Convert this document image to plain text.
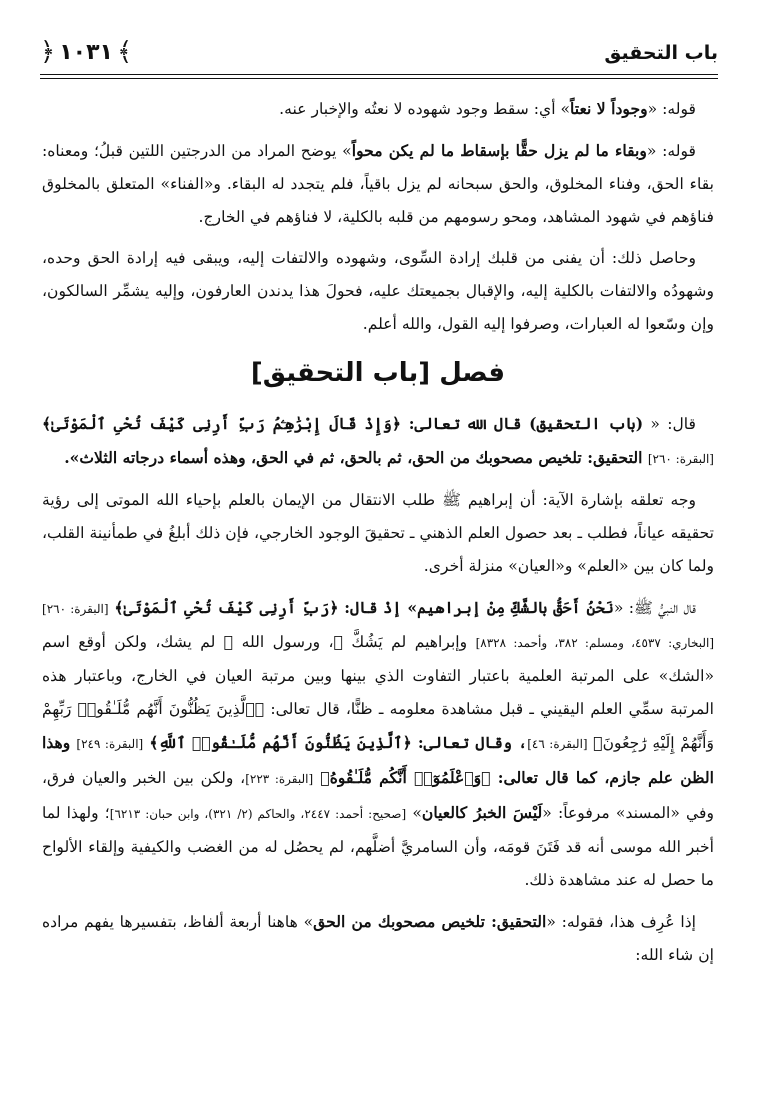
باب التحقيق
﴿ ١٠٣١ ﴾

قوله: «وجوداً لا نعتاً» أي: سقط وجود شهوده لا نعتُه والإخبار عنه.

قوله: «وبقاء ما لم يزل حقًّا بإسقاط ما لم يكن محواً» يوضح المراد من الدرجتين اللتين قبلُ؛ ومعناه: بقاء الحق، وفناء المخلوق، والحق سبحانه لم يزل باقياً، فلم يتجدد له البقاء. و«الفناء» المتعلق بالمخلوق فناؤهم في شهود المشاهد، ومحو رسومهم من قلبه بالكلية، لا فناؤهم في الخارج.

وحاصل ذلك: أن يفنى من قلبك إرادة السِّوى، وشهوده والالتفات إليه، ويبقى فيه إرادة الحق وحده، وشهودُه والالتفات بالكلية إليه، والإقبال بجميعتك عليه، فحولَ هذا يدندن العارفون، وإليه يشمِّر السالكون، وإن وسّعوا له العبارات، وصرفوا إليه القول، والله أعلم.

فصل [باب التحقيق]

قال: « (باب التحقيق) قال الله تعالى: ﴿وَإِذْ قَالَ إِبْرَٰهِـۧمُ رَبِّ أَرِنِى كَيْفَ تُحْىِ ٱلْمَوْتَىٰ﴾ [البقرة: ٢٦٠] التحقيق: تلخيص مصحوبك من الحق، ثم بالحق، ثم في الحق، وهذه أسماء درجاته الثلاث».

وجه تعلقه بإشارة الآية: أن إبراهيم ﷺ طلب الانتقال من الإيمان بالعلم بإحياء الله الموتى إلى رؤية تحقيقه عياناً، فطلب ـ بعد حصول العلم الذهني ـ تحقيقَ الوجود الخارجي، فإن ذلك أبلغُ في طمأنينة القلب، ولما كان بين «العلم» و«العيان» منزلة أخرى.

قال النبيُّ ﷺ: «نَحْنُ أَحَقُّ بالشَّكِّ مِنْ إبراهيم» إذْ قال: ﴿رَبِّ أَرِنِى كَيْفَ تُحْىِ ٱلْمَوْتَىٰ﴾ [البقرة: ٢٦٠] [البخاري: ٤٥٣٧، ومسلم: ٣٨٢، وأحمد: ٨٣٢٨] وإبراهيم لم يَشُكَّ ﷺ، ورسول الله ﷺ لم يشك، ولكن أوقع اسم «الشك» على المرتبة العلمية باعتبار التفاوت الذي بينها وبين مرتبة العيان في الخارج، وباعتبار هذه المرتبة سمِّي العلم اليقيني ـ قبل مشاهدة معلومه ـ ظنًّا، قال تعالى: ﴿ٱلَّذِينَ يَظُنُّونَ أَنَّهُم مُّلَـٰقُوا۟ رَبِّهِمْ وَأَنَّهُمْ إِلَيْهِ رَٰجِعُونَ﴾ [البقرة: ٤٦]، وقال تعالى: ﴿ٱلَّذِينَ يَظُنُّونَ أَنَّهُم مُّلَـٰقُوا۟ ٱللَّهِ﴾ [البقرة: ٢٤٩] وهذا الظن علم جازم، كما قال تعالى: ﴿وَٱعْلَمُوٓا۟ أَنَّكُم مُّلَـٰقُوهُ﴾ [البقرة: ٢٢٣]، ولكن بين الخبر والعيان فرق، وفي «المسند» مرفوعاً: «لَيْسَ الخبرُ كالعيان» [صحيح: أحمد: ٢٤٤٧، والحاكم (٢/ ٣٢١)، وابن حبان: ٦٢١٣]؛ ولهذا لما أخبر الله موسى أنه قد فَتَنَ قومَه، وأن السامريَّ أضلَّهم، لم يحصُل له من الغضب والكيفية وإلقاء الألواح ما حصل له عند مشاهدة ذلك.

إذا عُرِف هذا، فقوله: «التحقيق: تلخيص مصحوبك من الحق» هاهنا أربعة ألفاظ، بتفسيرها يفهم مراده إن شاء الله:
